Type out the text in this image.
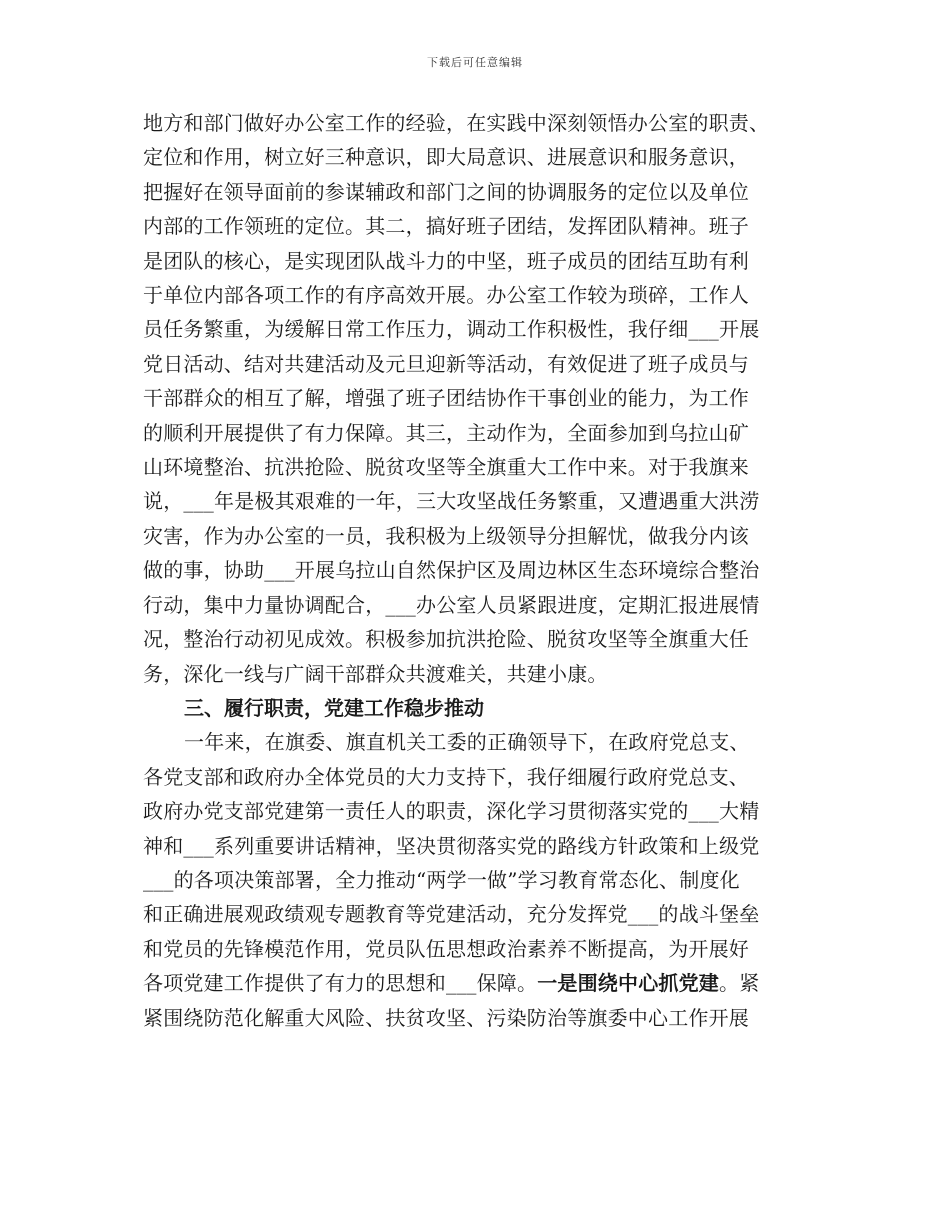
下载后可任意编辑

地方和部门做好办公室工作的经验，在实践中深刻领悟办公室的职责、
定位和作用，树立好三种意识，即大局意识、进展意识和服务意识，
把握好在领导面前的参谋辅政和部门之间的协调服务的定位以及单位
内部的工作领班的定位。其二，搞好班子团结，发挥团队精神。班子
是团队的核心，是实现团队战斗力的中坚，班子成员的团结互助有利
于单位内部各项工作的有序高效开展。办公室工作较为琐碎，工作人
员任务繁重，为缓解日常工作压力，调动工作积极性，我仔细___开展
党日活动、结对共建活动及元旦迎新等活动，有效促进了班子成员与
干部群众的相互了解，增强了班子团结协作干事创业的能力，为工作
的顺利开展提供了有力保障。其三，主动作为，全面参加到乌拉山矿
山环境整治、抗洪抢险、脱贫攻坚等全旗重大工作中来。对于我旗来
说，___年是极其艰难的一年，三大攻坚战任务繁重，又遭遇重大洪涝
灾害，作为办公室的一员，我积极为上级领导分担解忧，做我分内该
做的事，协助___开展乌拉山自然保护区及周边林区生态环境综合整治
行动，集中力量协调配合，___办公室人员紧跟进度，定期汇报进展情
况，整治行动初见成效。积极参加抗洪抢险、脱贫攻坚等全旗重大任
务，深化一线与广阔干部群众共渡难关，共建小康。

三、履行职责，党建工作稳步推动

一年来，在旗委、旗直机关工委的正确领导下，在政府党总支、
各党支部和政府办全体党员的大力支持下，我仔细履行政府党总支、
政府办党支部党建第一责任人的职责，深化学习贯彻落实党的___大精
神和___系列重要讲话精神，坚决贯彻落实党的路线方针政策和上级党
___的各项决策部署，全力推动“两学一做”学习教育常态化、制度化
和正确进展观政绩观专题教育等党建活动，充分发挥党___的战斗堡垒
和党员的先锋模范作用，党员队伍思想政治素养不断提高，为开展好
各项党建工作提供了有力的思想和___保障。一是围绕中心抓党建。紧
紧围绕防范化解重大风险、扶贫攻坚、污染防治等旗委中心工作开展
